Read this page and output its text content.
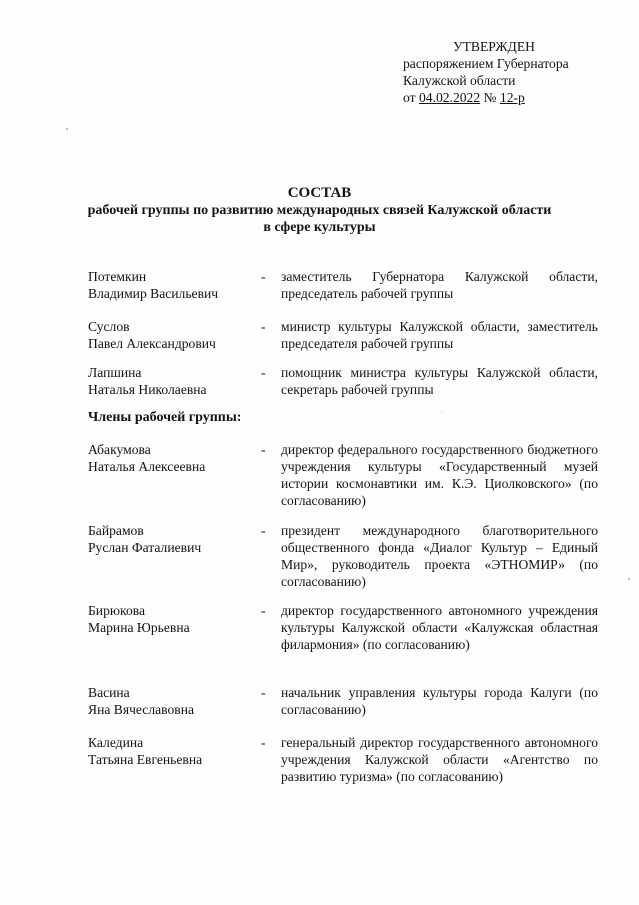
УТВЕРЖДЕН
распоряжением Губернатора
Калужской области
от 04.02.2022 № 12-р
СОСТАВ
рабочей группы по развитию международных связей Калужской области
в сфере культуры
Потемкин
Владимир Васильевич
- заместитель Губернатора Калужской области, председатель рабочей группы
Суслов
Павел Александрович
- министр культуры Калужской области, заместитель председателя рабочей группы
Лапшина
Наталья Николаевна
- помощник министра культуры Калужской области, секретарь рабочей группы
Члены рабочей группы:
Абакумова
Наталья Алексеевна
- директор федерального государственного бюджетного учреждения культуры «Государственный музей истории космонавтики им. К.Э. Циолковского» (по согласованию)
Байрамов
Руслан Фаталиевич
- президент международного благотворительного общественного фонда «Диалог Культур – Единый Мир», руководитель проекта «ЭТНОМИР» (по согласованию)
Бирюкова
Марина Юрьевна
- директор государственного автономного учреждения культуры Калужской области «Калужская областная филармония» (по согласованию)
Васина
Яна Вячеславовна
- начальник управления культуры города Калуги (по согласованию)
Каледина
Татьяна Евгеньевна
- генеральный директор государственного автономного учреждения Калужской области «Агентство по развитию туризма» (по согласованию)
